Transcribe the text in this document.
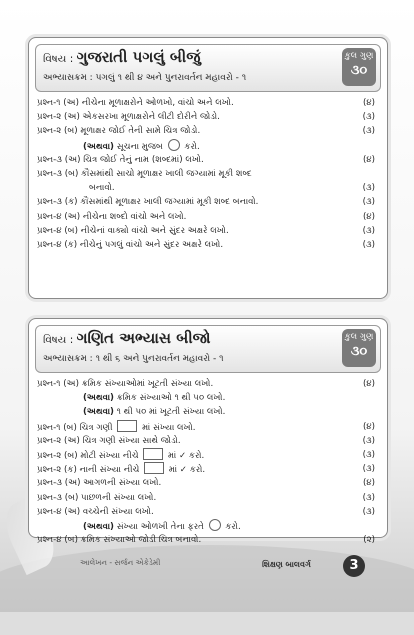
વિષય : ગુજરાતી પગલું બીજું
અભ્યાસક્રમ : પગલું ૧ થી ૪ અને પુનરાવર્તન મહાવરો - ૧
કુલ ગુણ
૩૦
પ્રશ્ન-૧ (અ) નીચેના મૂળાક્ષરોને ઓળખો, વાંચો અને લખો.	(૪)
પ્રશ્ન-૨ (અ) એકસરખા મૂળાક્ષરોને લીટી દોરીને જોડો.	(૩)
પ્રશ્ન-૨ (બ) મૂળાક્ષર જોઈ તેની સામે ચિત્ર જોડો.	(૩)
(અથવા) સૂચના મુજબ કરો.
પ્રશ્ન-૩ (અ) ચિત્ર જોઈ તેનું નામ (શબ્દમાં) લખો.	(૪)
પ્રશ્ન-૩ (બ) કૌંસમાંથી સાચો મૂળાક્ષર ખાલી જગ્યામાં મૂકી શબ્દ
બનાવો.	(૩)
પ્રશ્ન-૩ (ક) કૌંસમાંથી મૂળાક્ષર ખાલી જગ્યામાં મૂકી શબ્દ બનાવો.	(૩)
પ્રશ્ન-૪ (અ) નીચેના શબ્દો વાંચો અને લખો.	(૪)
પ્રશ્ન-૪ (બ) નીચેનાં વાક્યો વાંચો અને સુંદર અક્ષરે લખો.	(૩)
પ્રશ્ન-૪ (ક) નીચેનું પગલું વાંચો અને સુંદર અક્ષરે લખો.	(૩)
વિષય : ગણિત અભ્યાસ બીજો
અભ્યાસક્રમ : ૧ થી ૬ અને પુનરાવર્તન મહાવરો - ૧
કુલ ગુણ
૩૦
પ્રશ્ન-૧ (અ) ક્રમિક સંખ્યાઓમાં ખૂટતી સંખ્યા લખો.	(૪)
(અથવા) ક્રમિક સંખ્યાઓ ૧ થી ૫૦ લખો.
(અથવા) ૧ થી ૫૦ માં ખૂટતી સંખ્યા લખો.
પ્રશ્ન-૧ (બ) ચિત્ર ગણી	માં સંખ્યા લખો.	(૪)
પ્રશ્ન-૨ (અ) ચિત્ર ગણી સંખ્યા સાથે જોડો.	(૩)
પ્રશ્ન-૨ (બ) મોટી સંખ્યા નીચે	માં ✓ કરો.	(૩)
પ્રશ્ન-૨ (ક) નાની સંખ્યા નીચે	માં ✓ કરો.	(૩)
પ્રશ્ન-૩ (અ) આગળની સંખ્યા લખો.	(૪)
પ્રશ્ન-૩ (બ) પાછળની સંખ્યા લખો.	(૩)
પ્રશ્ન-૪ (અ) વચ્ચેની સંખ્યા લખો.	(૩)
(અથવા) સંખ્યા ઓળખી તેના ફરતે કરો.
પ્રશ્ન-૪ (બ) ક્રમિક સંખ્યાઓ જોડી ચિત્ર બનાવો.	(૨)
આલેખન - સર્જન એકેડેમી	શિક્ષણ બાલવર્ગ	3
